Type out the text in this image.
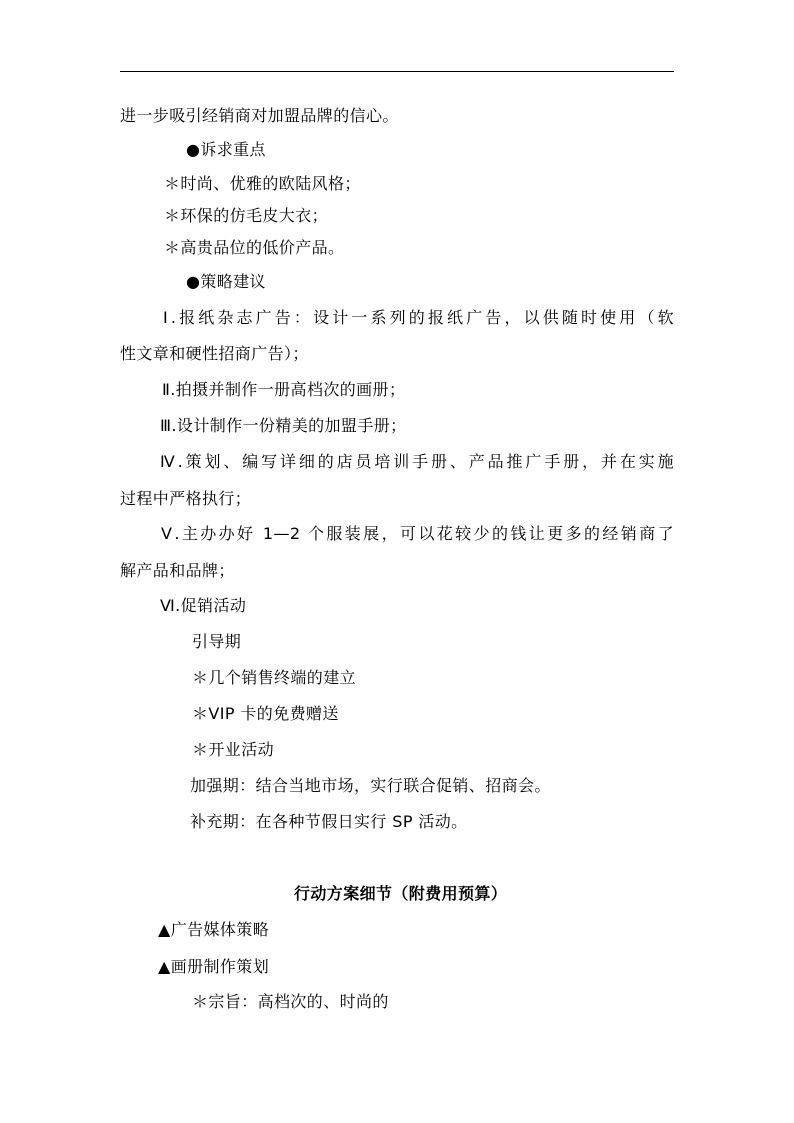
进一步吸引经销商对加盟品牌的信心。
●诉求重点
＊时尚、优雅的欧陆风格；
＊环保的仿毛皮大衣；
＊高贵品位的低价产品。
●策略建议
Ⅰ.报纸杂志广告：设计一系列的报纸广告，以供随时使用（软
性文章和硬性招商广告）；
Ⅱ.拍摄并制作一册高档次的画册；
Ⅲ.设计制作一份精美的加盟手册；
Ⅳ.策划、编写详细的店员培训手册、产品推广手册，并在实施
过程中严格执行；
Ⅴ.主办办好 1—2 个服装展，可以花较少的钱让更多的经销商了
解产品和品牌；
Ⅵ.促销活动
引导期
＊几个销售终端的建立
＊VIP 卡的免费赠送
＊开业活动
加强期：结合当地市场，实行联合促销、招商会。
补充期：在各种节假日实行 SP 活动。
行动方案细节（附费用预算）
▲广告媒体策略
▲画册制作策划
＊宗旨：高档次的、时尚的
